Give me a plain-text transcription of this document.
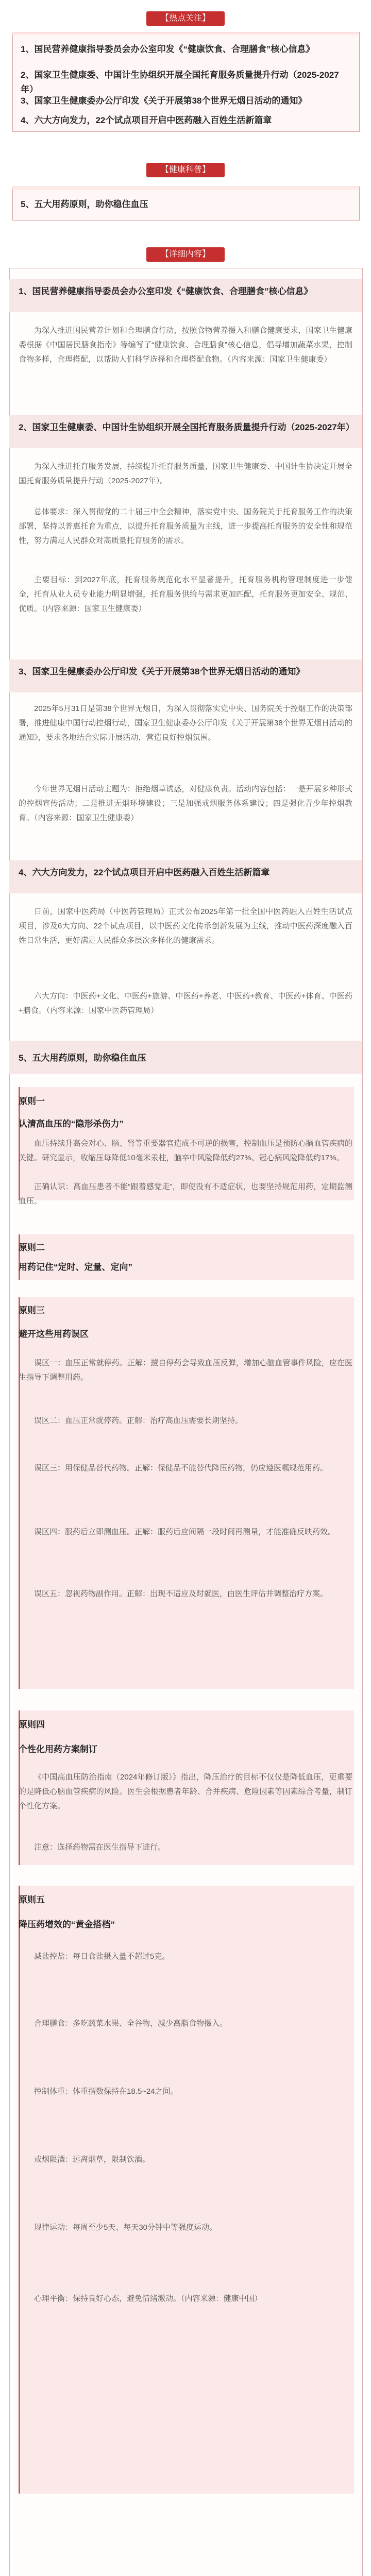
【热点关注】
1、国民营养健康指导委员会办公室印发《“健康饮食、合理膳食”核心信息》
2、国家卫生健康委、中国计生协组织开展全国托育服务质量提升行动（2025-2027年）
3、国家卫生健康委办公厅印发《关于开展第38个世界无烟日活动的通知》
4、六大方向发力，22个试点项目开启中医药融入百姓生活新篇章
【健康科普】
5、五大用药原则，助你稳住血压
【详细内容】
1、国民营养健康指导委员会办公室印发《“健康饮食、合理膳食”核心信息》
为深入推进国民营养计划和合理膳食行动，按照食物营养摄入和膳食健康要求，国家卫生健康委根据《中国居民膳食指南》等编写了“健康饮食、合理膳食”核心信息，倡导增加蔬菜水果，控制食物多样，合理搭配，以帮助人们科学选择和合理搭配食物。（内容来源：国家卫生健康委）
2、国家卫生健康委、中国计生协组织开展全国托育服务质量提升行动（2025-2027年）
为深入推进托育服务发展，持续提升托育服务质量，国家卫生健康委、中国计生协决定开展全国托育服务质量提升行动（2025-2027年）。
总体要求：深入贯彻党的二十届三中全会精神，落实党中央、国务院关于托育服务工作的决策部署，坚持以普惠托育为重点，以提升托育服务质量为主线，进一步提高托育服务的安全性和规范性，努力满足人民群众对高质量托育服务的需求。
主要目标：到2027年底，托育服务规范化水平显著提升，托育服务机构管理制度进一步健全，托育从业人员专业能力明显增强，托育服务供给与需求更加匹配，托育服务更加安全、规范、优质。（内容来源：国家卫生健康委）
3、国家卫生健康委办公厅印发《关于开展第38个世界无烟日活动的通知》
2025年5月31日是第38个世界无烟日，为深入贯彻落实党中央、国务院关于控烟工作的决策部署，推进健康中国行动控烟行动，国家卫生健康委办公厅印发《关于开展第38个世界无烟日活动的通知》，要求各地结合实际开展活动，营造良好控烟氛围。
今年世界无烟日活动主题为：拒绝烟草诱惑，对健康负责。活动内容包括：一是开展多种形式的控烟宣传活动；二是推进无烟环境建设；三是加强戒烟服务体系建设；四是强化青少年控烟教育。（内容来源：国家卫生健康委）
4、六大方向发力，22个试点项目开启中医药融入百姓生活新篇章
日前，国家中医药局（中医药管理局）正式公布2025年第一批全国中医药融入百姓生活试点项目，涉及6大方向、22个试点项目，以中医药文化传承创新发展为主线，推动中医药深度融入百姓日常生活，更好满足人民群众多层次多样化的健康需求。
六大方向：中医药+文化、中医药+旅游、中医药+养老、中医药+教育、中医药+体育、中医药+膳食。（内容来源：国家中医药管理局）
5、五大用药原则，助你稳住血压
原则一
认清高血压的“隐形杀伤力”
血压持续升高会对心、脑、肾等重要器官造成不可逆的损害，控制血压是预防心脑血管疾病的关键。研究显示，收缩压每降低10毫米汞柱，脑卒中风险降低约27%、冠心病风险降低约17%。
正确认识：高血压患者不能“跟着感觉走”，即使没有不适症状，也要坚持规范用药，定期监测血压。
原则二
用药记住“定时、定量、定向”
原则三
避开这些用药误区
误区一：血压正常就停药。正解：擅自停药会导致血压反弹，增加心脑血管事件风险，应在医生指导下调整用药。
误区二：血压正常就停药。正解：治疗高血压需要长期坚持。
误区三：用保健品替代药物。正解：保健品不能替代降压药物，仍应遵医嘱规范用药。
误区四：服药后立即测血压。正解：服药后应间隔一段时间再测量，才能准确反映药效。
误区五：忽视药物副作用。正解：出现不适应及时就医，由医生评估并调整治疗方案。
原则四
个性化用药方案制订
《中国高血压防治指南（2024年修订版）》指出，降压治疗的目标不仅仅是降低血压，更重要的是降低心脑血管疾病的风险。医生会根据患者年龄、合并疾病、危险因素等因素综合考量，制订个性化方案。
注意：选择药物需在医生指导下进行。
原则五
降压药增效的“黄金搭档”
减盐控盐：每日食盐摄入量不超过5克。
合理膳食：多吃蔬菜水果、全谷物，减少高脂食物摄入。
控制体重：体重指数保持在18.5~24之间。
戒烟限酒：远离烟草，限制饮酒。
规律运动：每周至少5天、每天30分钟中等强度运动。
心理平衡：保持良好心态，避免情绪激动。（内容来源：健康中国）
